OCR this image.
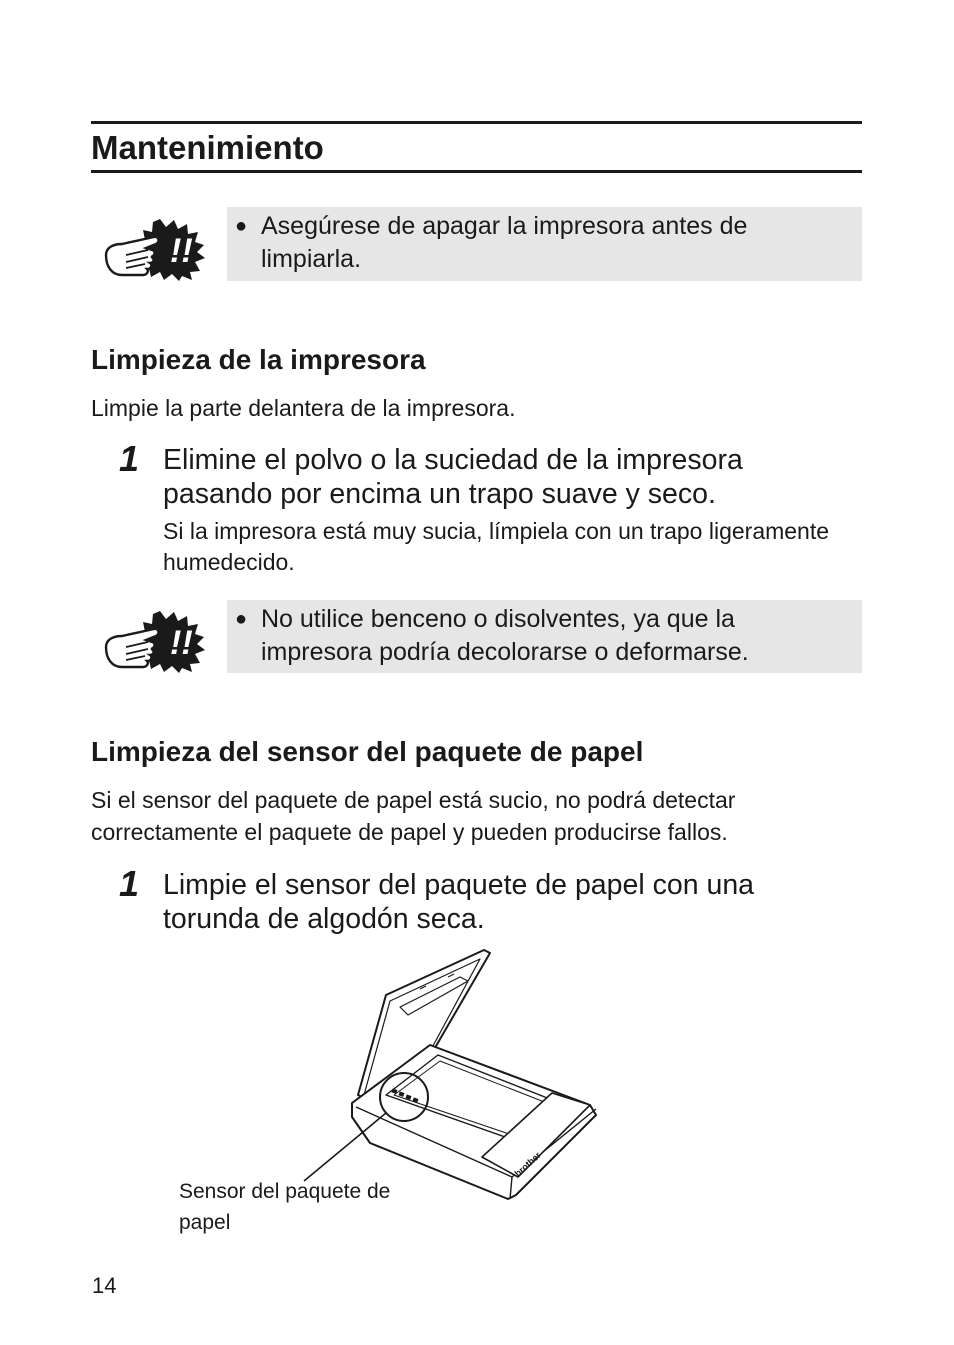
Mantenimiento
!!
● Asegúrese de apagar la impresora antes de limpiarla.
Limpieza de la impresora
Limpie la parte delantera de la impresora.
1 Elimine el polvo o la suciedad de la impresora pasando por encima un trapo suave y seco.
Si la impresora está muy sucia, límpiela con un trapo ligeramente humedecido.
!!
● No utilice benceno o disolventes, ya que la impresora podría decolorarse o deformarse.
Limpieza del sensor del paquete de papel
Si el sensor del paquete de papel está sucio, no podrá detectar correctamente el paquete de papel y pueden producirse fallos.
1 Limpie el sensor del paquete de papel con una torunda de algodón seca.
brother
Sensor del paquete de papel
14
